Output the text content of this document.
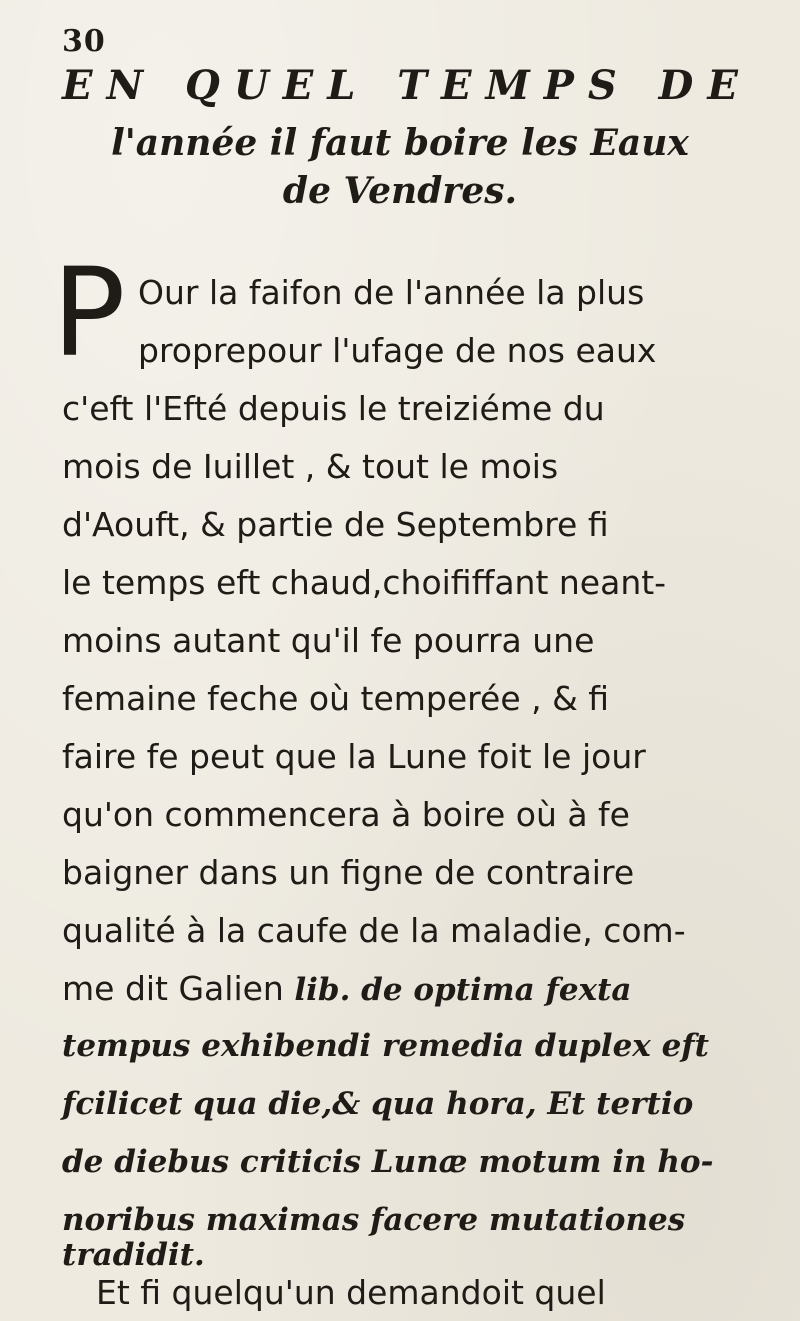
30
EN QUEL TEMPS DE
l'année il faut boire les Eaux
de Vendres.
P Our la faifon de l'année la plus
proprepour l'ufage de nos eaux
c'eft l'Efté depuis le treiziéme du
mois de Iuillet , & tout le mois
d'Aouft, & partie de Septembre fi
le temps eft chaud,choififfant neant-
moins autant qu'il fe pourra une
femaine feche où temperée , & fi
faire fe peut que la Lune foit le jour
qu'on commencera à boire où à fe
baigner dans un figne de contraire
qualité à la caufe de la maladie, com-
me dit Galien lib. de optima fexta
tempus exhibendi remedia duplex eft
fcilicet qua die,& qua hora, Et tertio
de diebus criticis Lunæ motum in ho-
noribus maximas facere mutationes
tradidit.
Et fi quelqu'un demandoit quel
